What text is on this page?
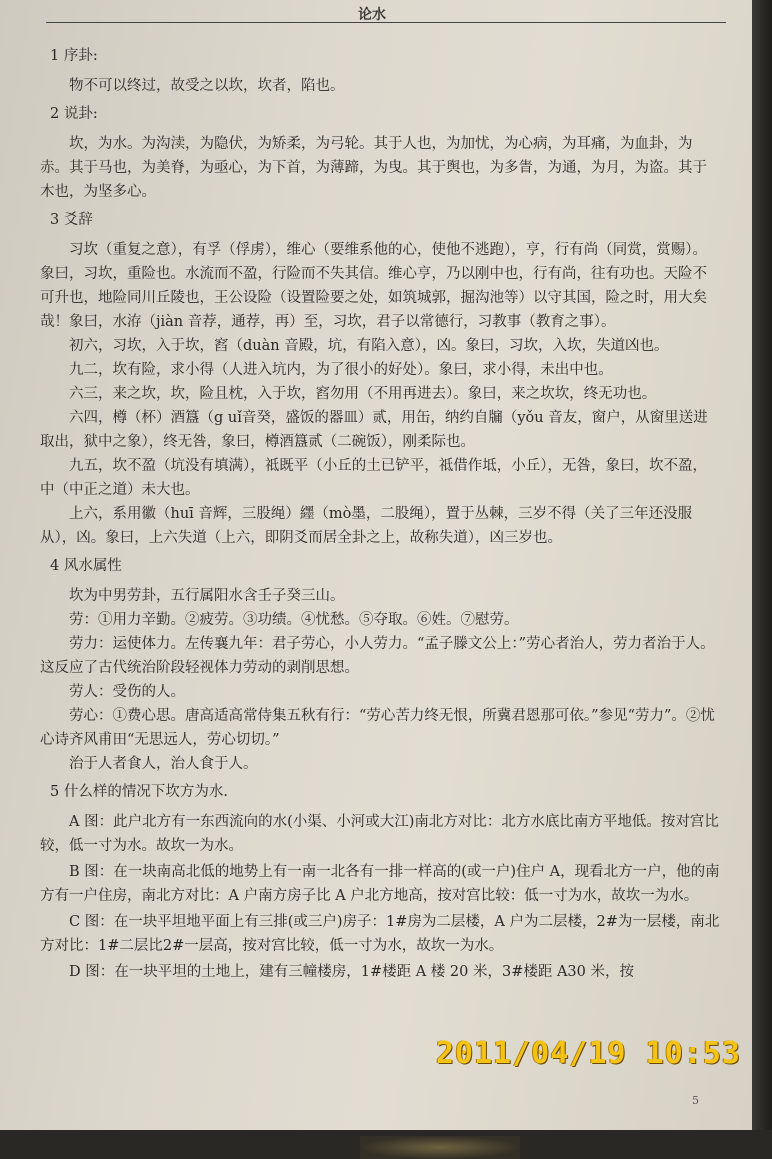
论水
1 序卦:
物不可以终过，故受之以坎，坎者，陷也。
2 说卦:
坎，为水。为沟渎，为隐伏，为矫柔，为弓轮。其于人也，为加忧，为心病，为耳痛，为血卦，为赤。其于马也，为美脊，为亟心，为下首，为薄蹄，为曳。其于舆也，为多眚，为通，为月，为盗。其于木也，为坚多心。
3 爻辞
习坎（重复之意），有孚（俘虏），维心（要维系他的心，使他不逃跑），亨，行有尚（同赏，赏赐）。象曰，习坎，重险也。水流而不盈，行险而不失其信。维心亨，乃以刚中也，行有尚，往有功也。天险不可升也，地险同川丘陵也，王公设险（设置险要之处，如筑城郭，掘沟池等）以守其国，险之时，用大矣哉！象曰，水洊（jiàn 音荐，通荐，再）至，习坎，君子以常德行，习教事（教育之事）。
初六，习坎，入于坎，窞（duàn 音殿，坑，有陷入意），凶。象曰，习坎，入坎，失道凶也。
九二，坎有险，求小得（人进入坑内，为了很小的好处）。象曰，求小得，未出中也。
六三，来之坎，坎，险且枕，入于坎，窞勿用（不用再进去）。象曰，来之坎坎，终无功也。
六四，樽（杯）酒簋（g uǐ音癸，盛饭的器皿）贰，用缶，纳约自牖（yǒu 音友，窗户，从窗里送进取出，狱中之象），终无咎，象曰，樽酒簋贰（二碗饭），刚柔际也。
九五，坎不盈（坑没有填满），祗既平（小丘的土已铲平，祗借作坻，小丘），无咎，象曰，坎不盈，中（中正之道）未大也。
上六，系用徽（huī 音辉，三股绳）纆（mò墨，二股绳），置于丛棘，三岁不得（关了三年还没服从），凶。象曰，上六失道（上六，即阴爻而居全卦之上，故称失道），凶三岁也。
4 风水属性
坎为中男劳卦，五行属阳水含壬子癸三山。
劳：①用力辛勤。②疲劳。③功绩。④忧愁。⑤夺取。⑥姓。⑦慰劳。
劳力：运使体力。左传襄九年：君子劳心，小人劳力。“孟子滕文公上：”劳心者治人，劳力者治于人。这反应了古代统治阶段轻视体力劳动的剥削思想。
劳人：受伤的人。
劳心：①费心思。唐高适高常侍集五秋有行：“劳心苦力终无恨，所冀君恩那可依。”参见“劳力”。②忧心诗齐风甫田“无思远人，劳心切切。”
治于人者食人，治人食于人。
5 什么样的情况下坎方为水.
A 图：此户北方有一东西流向的水(小渠、小河或大江)南北方对比：北方水底比南方平地低。按对宫比较，低一寸为水。故坎一为水。
B 图：在一块南高北低的地势上有一南一北各有一排一样高的(或一户)住户 A，现看北方一户，他的南方有一户住房，南北方对比：A 户南方房子比 A 户北方地高，按对宫比较：低一寸为水，故坎一为水。
C 图：在一块平坦地平面上有三排(或三户)房子：1#房为二层楼，A 户为二层楼，2#为一层楼，南北方对比：1#二层比2#一层高，按对宫比较，低一寸为水，故坎一为水。
D 图：在一块平坦的土地上，建有三幢楼房，1#楼距 A 楼 20 米，3#楼距 A30 米，按
5
2011/04/19 10:53
